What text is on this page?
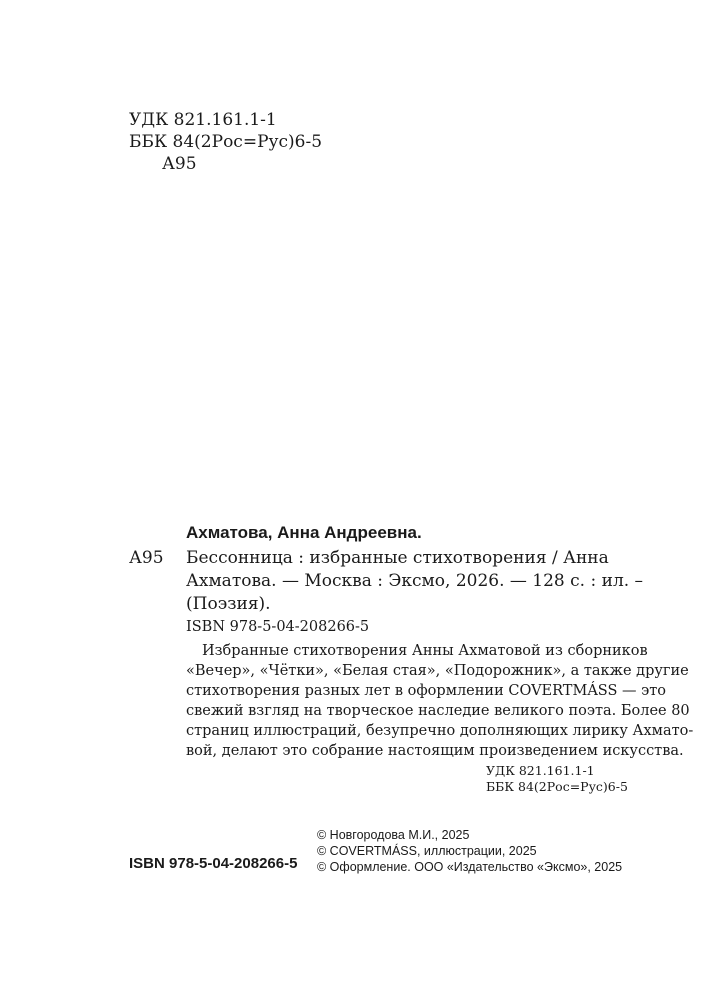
УДК 821.161.1-1
ББК 84(2Рос=Рус)6-5
А95
Ахматова, Анна Андреевна.
А95 Бессонница : избранные стихотворения / Анна
Ахматова. — Москва : Эксмо, 2026. — 128 с. : ил. –
(Поэзия).
ISBN 978-5-04-208266-5
Избранные стихотворения Анны Ахматовой из сборников
«Вечер», «Чётки», «Белая стая», «Подорожник», а также другие
стихотворения разных лет в оформлении COVERTMÁSS — это
свежий взгляд на творческое наследие великого поэта. Более 80
страниц иллюстраций, безупречно дополняющих лирику Ахмато-
вой, делают это собрание настоящим произведением искусства.
УДК 821.161.1-1
ББК 84(2Рос=Рус)6-5
© Новгородова М.И., 2025
© COVERTMÁSS, иллюстрации, 2025
© Оформление. ООО «Издательство «Эксмо», 2025
ISBN 978-5-04-208266-5
